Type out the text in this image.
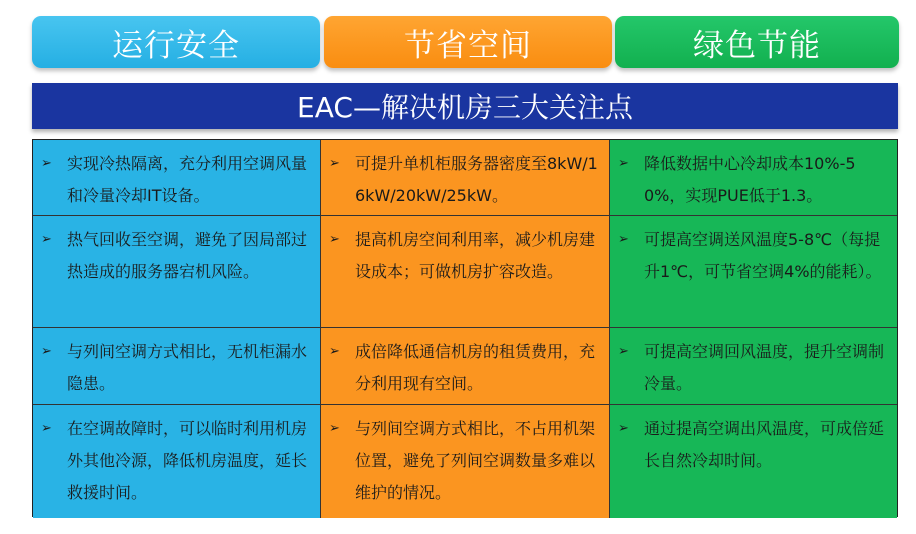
运行安全	节省空间	绿色节能
EAC—解决机房三大关注点
➢ 实现冷热隔离，充分利用空调风量和冷量冷却IT设备。
➢ 可提升单机柜服务器密度至8kW/16kW/20kW/25kW。
➢ 降低数据中心冷却成本10%-50%，实现PUE低于1.3。
➢ 热气回收至空调，避免了因局部过热造成的服务器宕机风险。
➢ 提高机房空间利用率，减少机房建设成本；可做机房扩容改造。
➢ 可提高空调送风温度5-8℃（每提升1℃，可节省空调4%的能耗）。
➢ 与列间空调方式相比，无机柜漏水隐患。
➢ 成倍降低通信机房的租赁费用，充分利用现有空间。
➢ 可提高空调回风温度，提升空调制冷量。
➢ 在空调故障时，可以临时利用机房外其他冷源，降低机房温度，延长救援时间。
➢ 与列间空调方式相比，不占用机架位置，避免了列间空调数量多难以维护的情况。
➢ 通过提高空调出风温度，可成倍延长自然冷却时间。
